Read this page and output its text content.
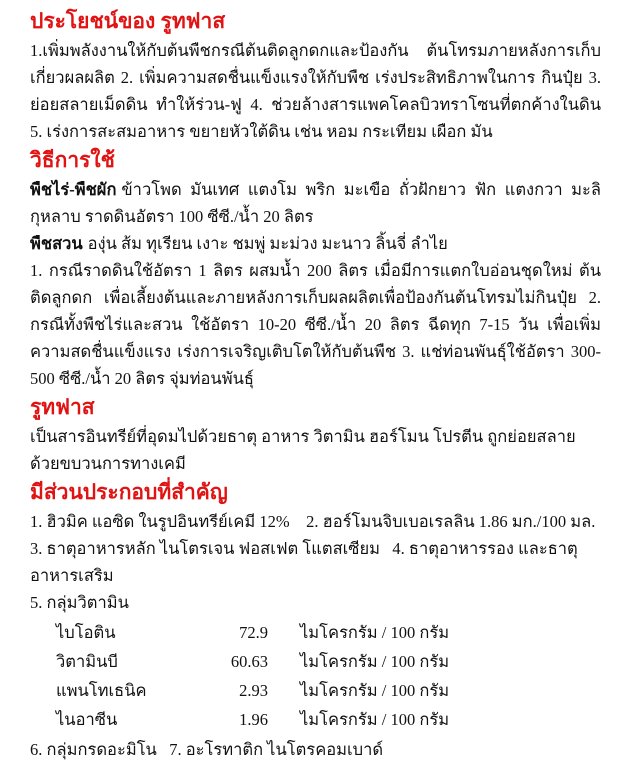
ประโยชน์ของ รูทฟาส

1.เพิ่มพลังงานให้กับต้นพืชกรณีต้นติดลูกดกและป้องกัน ต้นโทรมภายหลังการเก็บเกี่ยวผลผลิต 2. เพิ่มความสดชื่นแข็งแรงให้กับพืช เร่งประสิทธิภาพในการ กินปุ๋ย 3. ย่อยสลายเม็ดดิน ทำให้ร่วน-ฟู 4. ช่วยล้างสารแพคโคลบิวทราโซนที่ตกค้างในดิน 5. เร่งการสะสมอาหาร ขยายหัวใต้ดิน เช่น หอม กระเทียม เผือก มัน

วิธีการใช้

พืชไร่-พืชผัก ข้าวโพด มันเทศ แตงโม พริก มะเขือ ถั่วฝักยาว ฟัก แตงกวา มะลิ กุหลาบ ราดดินอัตรา 100 ซีซี./น้ำ 20 ลิตร

พืชสวน องุ่น ส้ม ทุเรียน เงาะ ชมพู่ มะม่วง มะนาว ลิ้นจี่ ลำไย

1. กรณีราดดินใช้อัตรา 1 ลิตร ผสมน้ำ 200 ลิตร เมื่อมีการแตกใบอ่อนชุดใหม่ ต้นติดลูกดก เพื่อเลี้ยงต้นและภายหลังการเก็บผลผลิตเพื่อป้องกันต้นโทรมไม่กินปุ๋ย 2. กรณีทั้งพืชไร่และสวน ใช้อัตรา 10-20 ซีซี./น้ำ 20 ลิตร ฉีดทุก 7-15 วัน เพื่อเพิ่มความสดชื่นแข็งแรง เร่งการเจริญเติบโตให้กับต้นพืช 3. แช่ท่อนพันธุ์ใช้อัตรา 300-500 ซีซี./น้ำ 20 ลิตร จุ่มท่อนพันธุ์

รูทฟาส

เป็นสารอินทรีย์ที่อุดมไปด้วยธาตุ อาหาร วิตามิน ฮอร์โมน โปรตีน ถูกย่อยสลายด้วยขบวนการทางเคมี

มีส่วนประกอบที่สำคัญ

1. ฮิวมิค แอซิด ในรูปอินทรีย์เคมี 12%    2. ฮอร์โมนจิบเบอเรลลิน 1.86 มก./100 มล.

3. ธาตุอาหารหลัก ไนโตรเจน ฟอสเฟต โแตสเซียม   4. ธาตุอาหารรอง และธาตุอาหารเสริม

5. กลุ่มวิตามิน

ไบโอติน	72.9	ไมโครกรัม / 100 กรัม
วิตามินบี	60.63	ไมโครกรัม / 100 กรัม
แพนโทเธนิค	2.93	ไมโครกรัม / 100 กรัม
ไนอาซีน	1.96	ไมโครกรัม / 100 กรัม

6. กลุ่มกรดอะมิโน   7. อะโรทาติก ไนโตรคอมเบาด์
